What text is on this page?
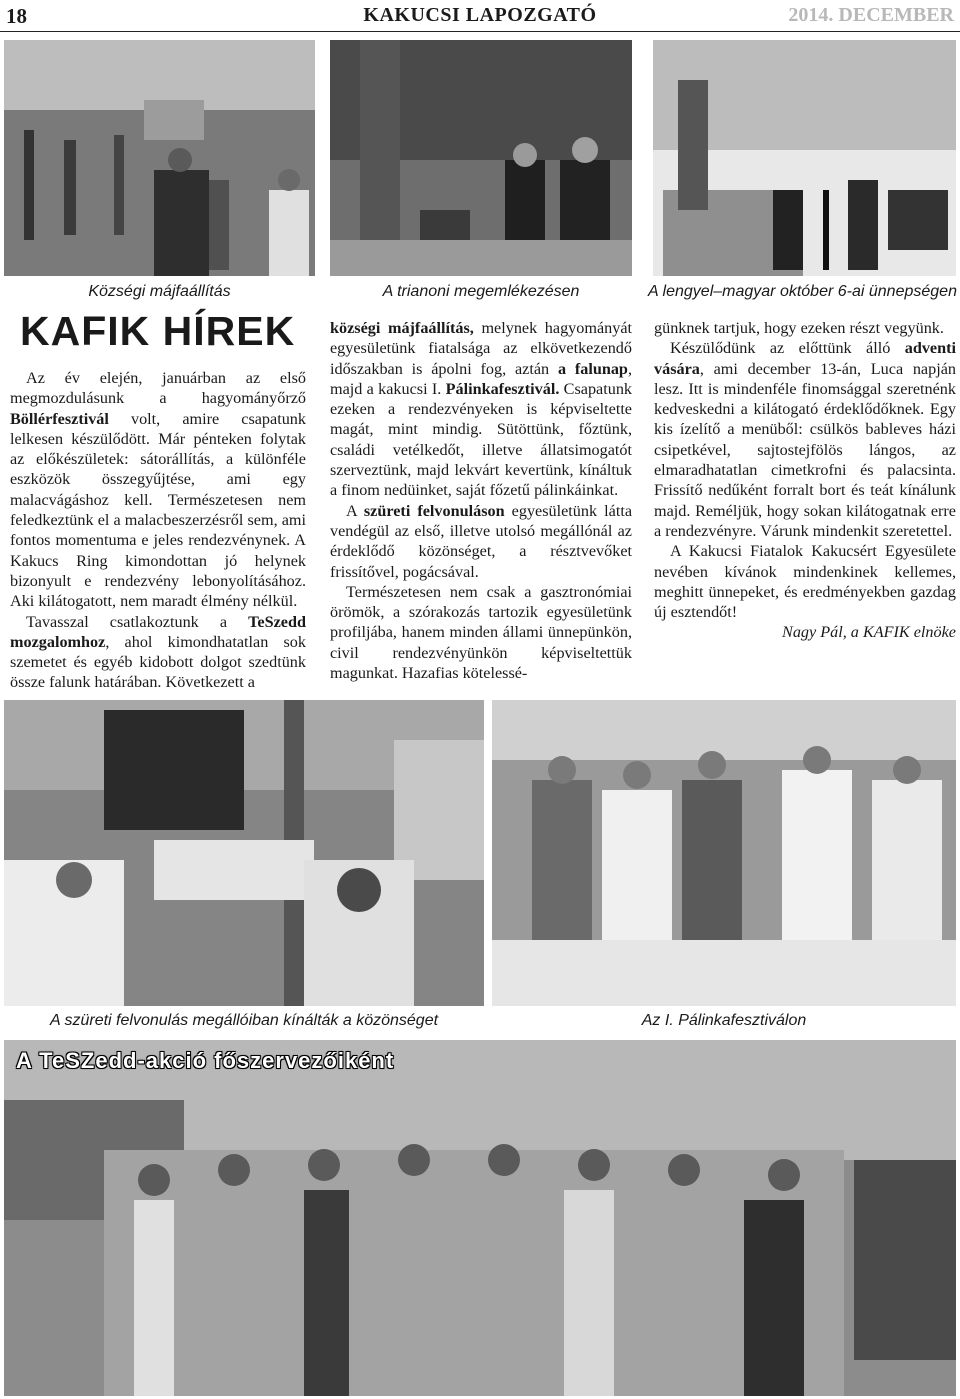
18	KAKUCSI LAPOZGATÓ	2014. DECEMBER
Községi májfaállítás	A trianoni megemlékezésen	A lengyel–magyar október 6-ai ünnepségen
KAFIK HÍREK

Az év elején, januárban az első megmozdulásunk a hagyományőrző Böllérfesztivál volt, amire csapatunk lelkesen készülődött. Már pénteken folytak az előkészületek: sátorállítás, a különféle eszközök összegyűjtése, ami egy malacvágáshoz kell. Természetesen nem feledkeztünk el a malacbeszerzésről sem, ami fontos momentuma e jeles rendezvénynek. A Kakucs Ring kimondottan jó helynek bizonyult e rendezvény lebonyolításához. Aki kilátogatott, nem maradt élmény nélkül.

Tavasszal csatlakoztunk a TeSzedd mozgalomhoz, ahol kimondhatatlan sok szemetet és egyéb kidobott dolgot szedtünk össze falunk határában. Következett a

községi májfaállítás, melynek hagyományát egyesületünk fiatalsága az elkövetkezendő időszakban is ápolni fog, aztán a falunap, majd a kakucsi I. Pálinkafesztivál. Csapatunk ezeken a rendezvényeken is képviseltette magát, mint mindig. Sütöttünk, főztünk, családi vetélkedőt, illetve állatsimogatót szerveztünk, majd lekvárt kevertünk, kínáltuk a finom nedüinket, saját főzetű pálinkáinkat.

A szüreti felvonuláson egyesületünk látta vendégül az első, illetve utolsó megállónál az érdeklődő közönséget, a résztvevőket frissítővel, pogácsával.

Természetesen nem csak a gasztronómiai örömök, a szórakozás tartozik egyesületünk profiljába, hanem minden állami ünnepünkön, civil rendezvényünkön képviseltettük magunkat. Hazafias kötelessé-

günknek tartjuk, hogy ezeken részt vegyünk.

Készülődünk az előttünk álló adventi vására, ami december 13-án, Luca napján lesz. Itt is mindenféle finomsággal szeretnénk kedveskedni a kilátogató érdeklődőknek. Egy kis ízelítő a menüből: csülkös bableves házi csipetkével, sajtostejfölös lángos, az elmaradhatatlan cimetkrofni és palacsinta. Frissítő nedűként forralt bort és teát kínálunk majd. Reméljük, hogy sokan kilátogatnak erre a rendezvényre. Várunk mindenkit szeretettel.

A Kakucsi Fiatalok Kakucsért Egyesülete nevében kívánok mindenkinek kellemes, meghitt ünnepeket, és eredményekben gazdag új esztendőt!

Nagy Pál, a KAFIK elnöke

A szüreti felvonulás megállóiban kínálták a közönséget	Az I. Pálinkafesztiválon
A TeSZedd-akció főszervezőiként
